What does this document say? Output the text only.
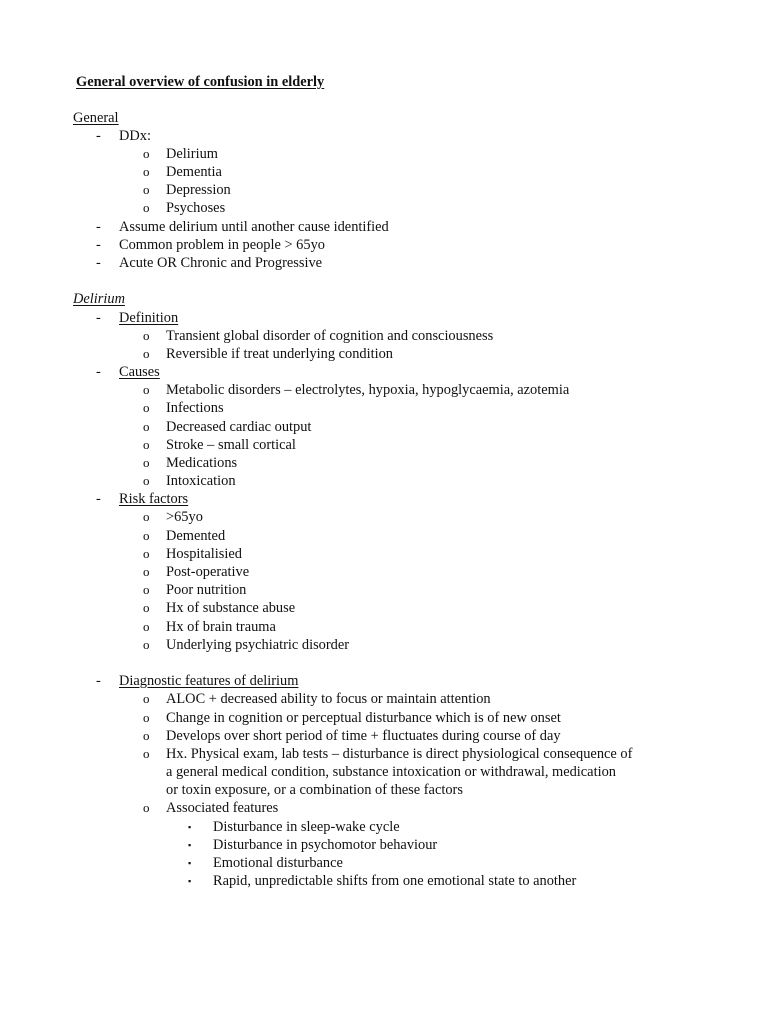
General overview of confusion in elderly
General
- DDx:
o Delirium
o Dementia
o Depression
o Psychoses
- Assume delirium until another cause identified
- Common problem in people > 65yo
- Acute OR Chronic and Progressive
Delirium
- Definition
o Transient global disorder of cognition and consciousness
o Reversible if treat underlying condition
- Causes
o Metabolic disorders – electrolytes, hypoxia, hypoglycaemia, azotemia
o Infections
o Decreased cardiac output
o Stroke – small cortical
o Medications
o Intoxication
- Risk factors
o >65yo
o Demented
o Hospitalisied
o Post-operative
o Poor nutrition
o Hx of substance abuse
o Hx of brain trauma
o Underlying psychiatric disorder
- Diagnostic features of delirium
o ALOC + decreased ability to focus or maintain attention
o Change in cognition or perceptual disturbance which is of new onset
o Develops over short period of time + fluctuates during course of day
o Hx. Physical exam, lab tests – disturbance is direct physiological consequence of
a general medical condition, substance intoxication or withdrawal, medication
or toxin exposure, or a combination of these factors
o Associated features
▪ Disturbance in sleep-wake cycle
▪ Disturbance in psychomotor behaviour
▪ Emotional disturbance
▪ Rapid, unpredictable shifts from one emotional state to another
